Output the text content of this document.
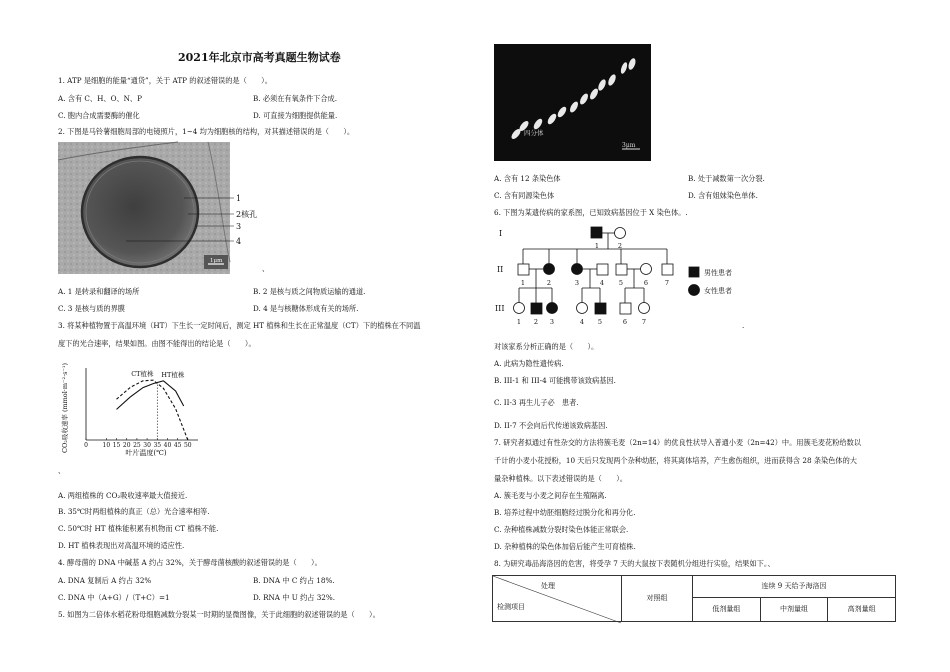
2021年北京市高考真题生物试卷
1. ATP 是细胞的能量“通货”，关于 ATP 的叙述错误的是（　　）。
A. 含有 C、H、O、N、P	B. 必须在有氧条件下合成.
C. 胞内合成需要酶的催化	D. 可直接为细胞提供能量.
2. 下图是马铃薯细胞局部的电镜照片，1~4 均为细胞核的结构，对其描述错误的是（　　）。
1μm
1
2核孔
3
4
、
A. 1 是转录和翻译的场所	B. 2 是核与质之间物质运输的通道.
C. 3 是核与质的界膜	D. 4 是与核糖体形成有关的场所.
3. 将某种植物置于高温环境（HT）下生长一定时间后，测定 HT 植株和生长在正常温度（CT）下的植株在不同温
度下的光合速率，结果如图。由图不能得出的结论是（　　）。
CO₂吸收速率 (mmol·m⁻²·s⁻¹)	叶片温度(℃)
0 10 15 20 25 30 35 40 45 50
CT植株 HT植株
、
A. 两组植株的 CO₂吸收速率最大值接近.
B. 35℃时两组植株的真正（总）光合速率相等.
C. 50℃时 HT 植株能积累有机物而 CT 植株不能.
D. HT 植株表现出对高温环境的适应性.
4. 酵母菌的 DNA 中碱基 A 约占 32%，关于酵母菌核酸的叙述错误的是（　　）。
A. DNA 复制后 A 约占 32%	B. DNA 中 C 约占 18%.
C. DNA 中（A+G）/（T+C）=1	D. RNA 中 U 约占 32%.
5. 如图为二倍体水稻花粉母细胞减数分裂某一时期的显微图像，关于此细胞的叙述错误的是（　　）。
四分体
3μm
A. 含有 12 条染色体	B. 处于减数第一次分裂.
C. 含有同源染色体	D. 含有姐妹染色单体.
6. 下图为某遗传病的家系图，已知致病基因位于 X 染色体。.
I
II
III
1	2
1	2	3	4 5	6	7
1 2 3	4 5	6 7
男性患者
女性患者
.
对该家系分析正确的是（　　）。
A. 此病为隐性遗传病.
B. III-1 和 III-4 可能携带该致病基因.
C. II-3 再生儿子必　患者.
D. II-7 不会向后代传递该致病基因.
7. 研究者拟通过有性杂交的方法将簇毛麦（2n=14）的优良性状导入普通小麦（2n=42）中。用簇毛麦花粉给数以
千计的小麦小花授粉，10 天后只发现两个杂种幼胚，将其离体培养，产生愈伤组织，进而获得含 28 条染色体的大
量杂种植株。以下表述错误的是（　　）。
A. 簇毛麦与小麦之间存在生殖隔离.
B. 培养过程中幼胚细胞经过脱分化和再分化.
C. 杂种植株减数分裂时染色体能正常联会.
D. 杂种植株的染色体加倍后能产生可育植株.
8. 为研究毒品海洛因的危害，将受孕 7 天的大鼠按下表随机分组进行实验，结果如下。、
处理
检测项目	对照组	连续 9 天给予海洛因		
		低剂量组	中剂量组	高剂量组
